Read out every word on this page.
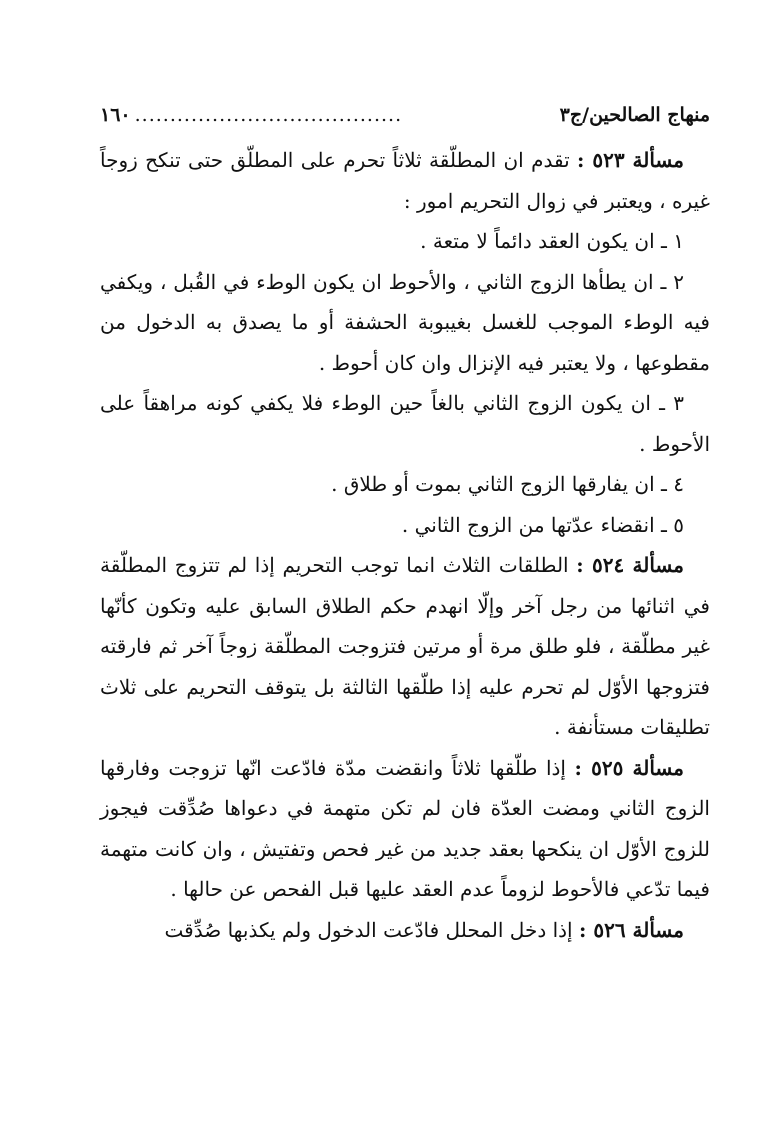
منهاج الصالحين/ج٣
......................................
١٦٠

مسألة ٥٢٣ : تقدم ان المطلّقة ثلاثاً تحرم على المطلّق حتى تنكح زوجاً غيره ، ويعتبر في زوال التحريم امور :

١ ـ ان يكون العقد دائماً لا متعة .

٢ ـ ان يطأها الزوج الثاني ، والأحوط ان يكون الوطء في القُبل ، ويكفي فيه الوطء الموجب للغسل بغيبوبة الحشفة أو ما يصدق به الدخول من مقطوعها ، ولا يعتبر فيه الإنزال وان كان أحوط .

٣ ـ ان يكون الزوج الثاني بالغاً حين الوطء فلا يكفي كونه مراهقاً على الأحوط .

٤ ـ ان يفارقها الزوج الثاني بموت أو طلاق .

٥ ـ انقضاء عدّتها من الزوج الثاني .

مسألة ٥٢٤ : الطلقات الثلاث انما توجب التحريم إذا لم تتزوج المطلّقة في اثنائها من رجل آخر وإلّا انهدم حكم الطلاق السابق عليه وتكون كأنّها غير مطلّقة ، فلو طلق مرة أو مرتين فتزوجت المطلّقة زوجاً آخر ثم فارقته فتزوجها الأوّل لم تحرم عليه إذا طلّقها الثالثة بل يتوقف التحريم على ثلاث تطليقات مستأنفة .

مسألة ٥٢٥ : إذا طلّقها ثلاثاً وانقضت مدّة فادّعت انّها تزوجت وفارقها الزوج الثاني ومضت العدّة فان لم تكن متهمة في دعواها صُدِّقت فيجوز للزوج الأوّل ان ينكحها بعقد جديد من غير فحص وتفتيش ، وان كانت متهمة فيما تدّعي فالأحوط لزوماً عدم العقد عليها قبل الفحص عن حالها .

مسألة ٥٢٦ : إذا دخل المحلل فادّعت الدخول ولم يكذبها صُدِّقت
